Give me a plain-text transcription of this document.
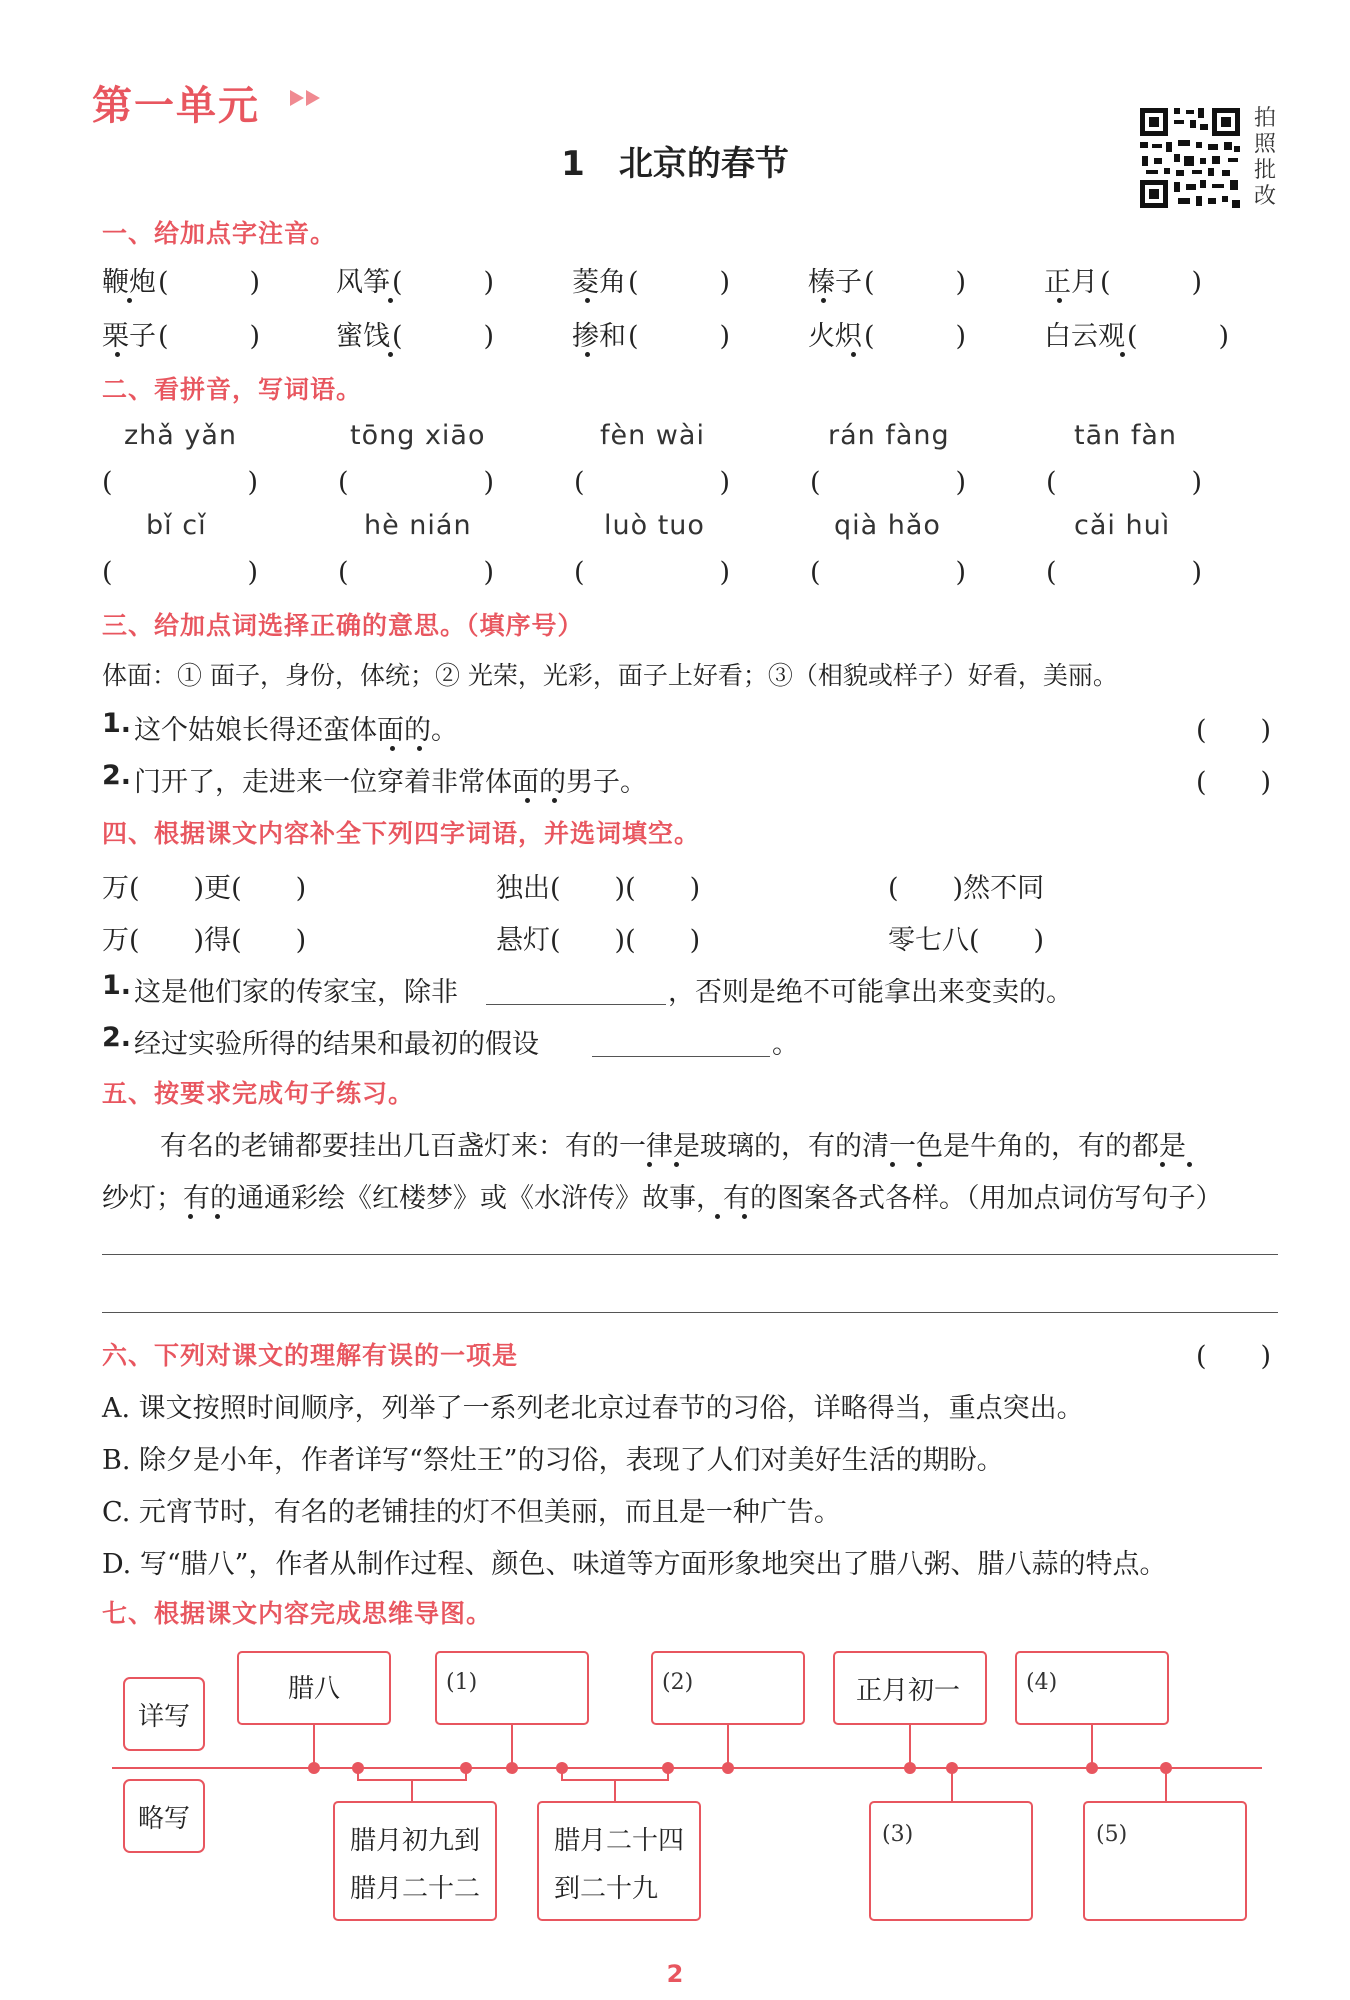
第一单元
1　北京的春节
拍照批改
一、给加点字注音。
鞭炮 (　　　)	风筝 (　　　)	菱角 (　　　)	榛子 (　　　)	正月 (　　　)
栗子 (　　　)	蜜饯 (　　　)	掺和 (　　　)	火炽 (　　　)	白云观 (　　　)
二、看拼音，写词语。
zhǎ yǎn	tōng xiāo	fèn wài	rán fàng	tān fàn
(　　　　　)	(　　　　　)	(　　　　　)	(　　　　　)	(　　　　　)
bǐ cǐ	hè nián	luò tuo	qià hǎo	cǎi huì
(　　　　　)	(　　　　　)	(　　　　　)	(　　　　　)	(　　　　　)
三、给加点词选择正确的意思。（填序号）
体面：① 面子，身份，体统；② 光荣，光彩，面子上好看；③（相貌或样子）好看，美丽。
1. 这个姑娘长得还蛮体面的。	(　　)
2. 门开了，走进来一位穿着非常体面的男子。	(　　)
四、根据课文内容补全下列四字词语，并选词填空。
万(　　)更(　　)	独出(　　)(　　)	(　　)然不同
万(　　)得(　　)	悬灯(　　)(　　)	零七八(　　)
1. 这是他们家的传家宝，除非	，否则是绝不可能拿出来变卖的。
2. 经过实验所得的结果和最初的假设	。
五、按要求完成句子练习。
有名的老铺都要挂出几百盏灯来：有的一律是玻璃的，有的清一色是牛角的，有的都是
纱灯；有的通通彩绘《红楼梦》或《水浒传》故事，有的图案各式各样。（用加点词仿写句子）
六、下列对课文的理解有误的一项是	(　　)
A. 课文按照时间顺序，列举了一系列老北京过春节的习俗，详略得当，重点突出。
B. 除夕是小年，作者详写“祭灶王”的习俗，表现了人们对美好生活的期盼。
C. 元宵节时，有名的老铺挂的灯不但美丽，而且是一种广告。
D. 写“腊八”，作者从制作过程、颜色、味道等方面形象地突出了腊八粥、腊八蒜的特点。
七、根据课文内容完成思维导图。
详写
略写
腊八	(1)	(2)	正月初一	(4)
腊月初九到
腊月二十二
腊月二十四
到二十九
(3)	(5)
2
